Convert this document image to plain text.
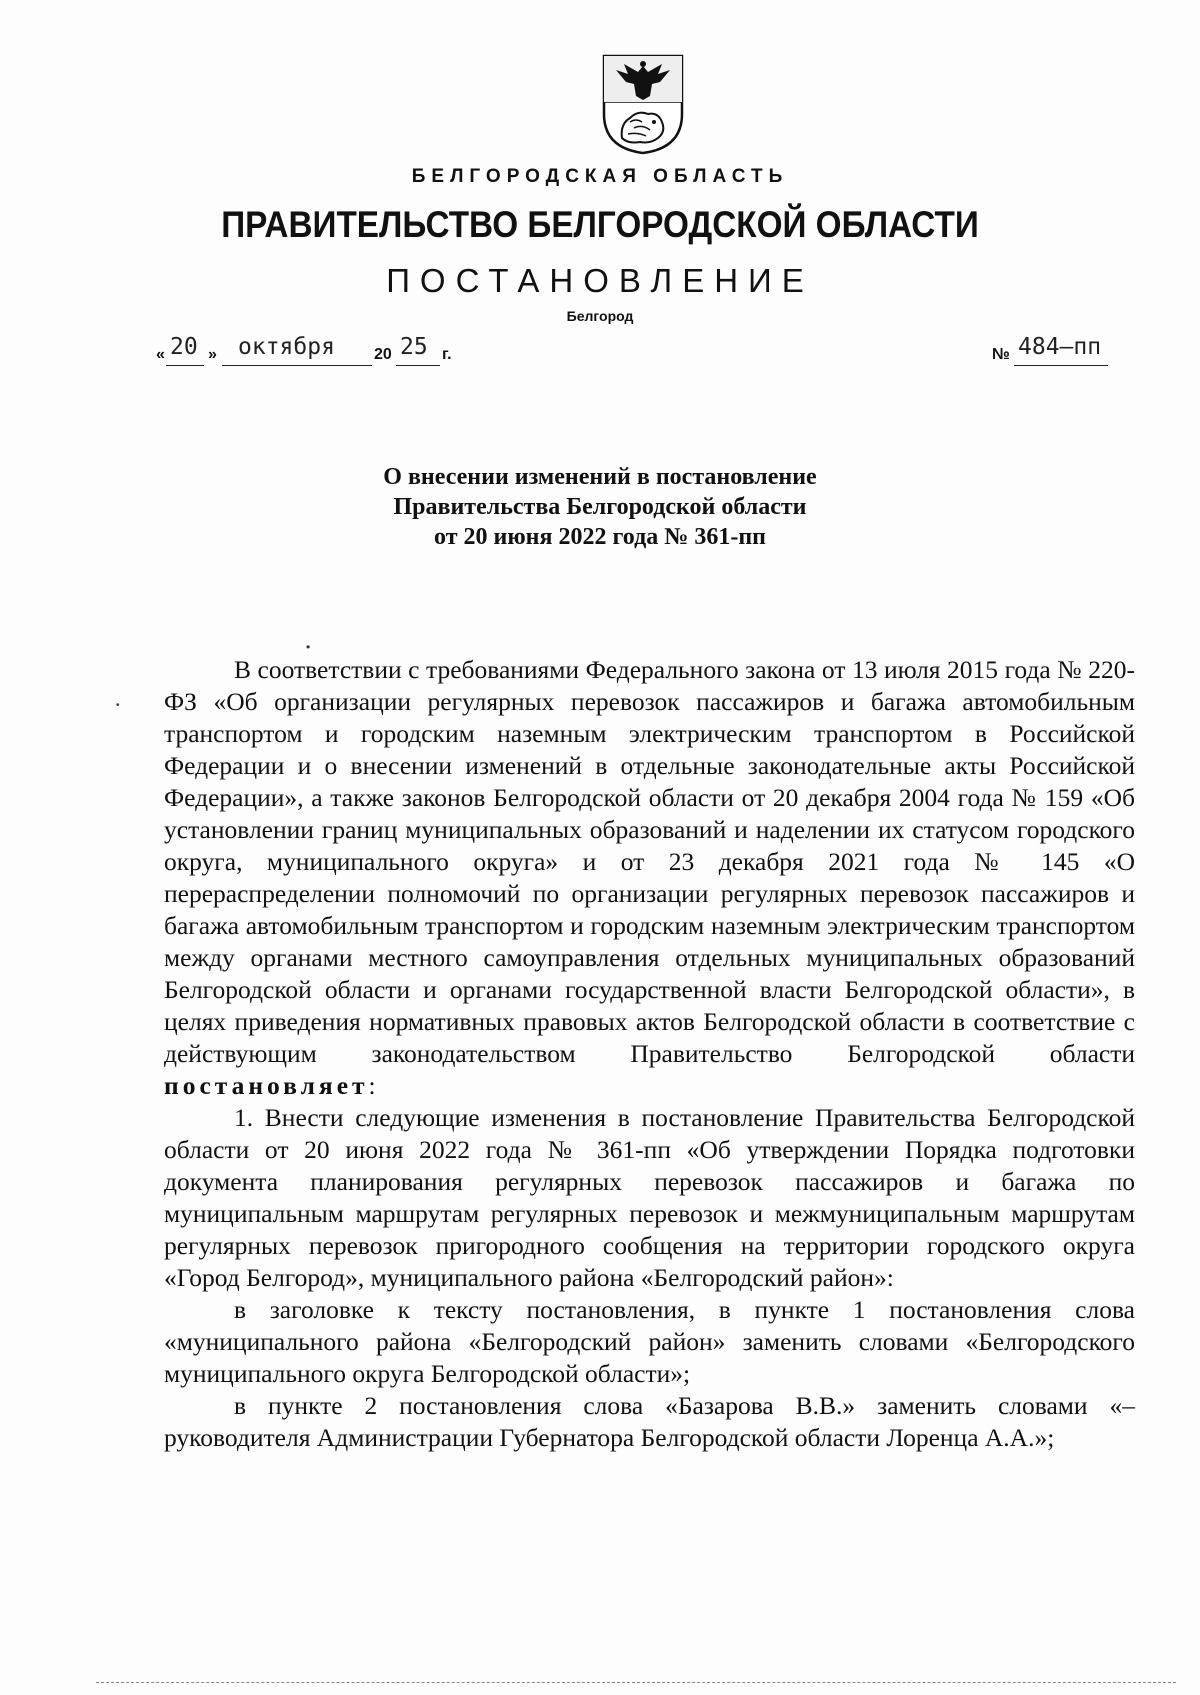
БЕЛГОРОДСКАЯ ОБЛАСТЬ
ПРАВИТЕЛЬСТВО БЕЛГОРОДСКОЙ ОБЛАСТИ
ПОСТАНОВЛЕНИЕ
Белгород
« 20 » октября 20 25 г.	№ 484–пп
О внесении изменений в постановление
Правительства Белгородской области
от 20 июня 2022 года № 361-пп
•
•

В соответствии с требованиями Федерального закона от 13 июля 2015 года № 220-ФЗ «Об организации регулярных перевозок пассажиров и багажа автомобильным транспортом и городским наземным электрическим транспортом в Российской Федерации и о внесении изменений в отдельные законодательные акты Российской Федерации», а также законов Белгородской области от 20 декабря 2004 года № 159 «Об установлении границ муниципальных образований и наделении их статусом городского округа, муниципального округа» и от 23 декабря 2021 года № 145 «О перераспределении полномочий по организации регулярных перевозок пассажиров и багажа автомобильным транспортом и городским наземным электрическим транспортом между органами местного самоуправления отдельных муниципальных образований Белгородской области и органами государственной власти Белгородской области», в целях приведения нормативных правовых актов Белгородской области в соответствие с действующим законодательством Правительство Белгородской области постановляет:

1. Внести следующие изменения в постановление Правительства Белгородской области от 20 июня 2022 года № 361-пп «Об утверждении Порядка подготовки документа планирования регулярных перевозок пассажиров и багажа по муниципальным маршрутам регулярных перевозок и межмуниципальным маршрутам регулярных перевозок пригородного сообщения на территории городского округа «Город Белгород», муниципального района «Белгородский район»:

в заголовке к тексту постановления, в пункте 1 постановления слова «муниципального района «Белгородский район» заменить словами «Белгородского муниципального округа Белгородской области»;

в пункте 2 постановления слова «Базарова В.В.» заменить словами «– руководителя Администрации Губернатора Белгородской области Лоренца А.А.»;
